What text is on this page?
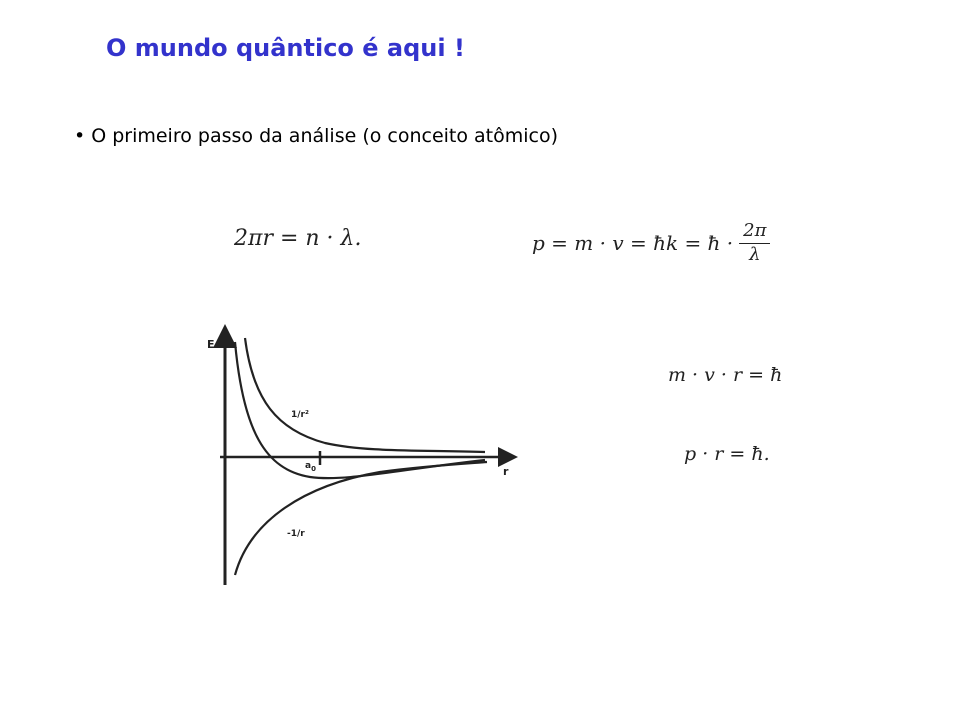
O mundo quântico é aqui !
• O primeiro passo da análise (o conceito atômico)
2πr = n · λ.	p = m · v = ħk = ħ · $\frac{2\pi}{\lambda}$
m · v · r = ħ
p · r = ħ.
E
r
1/r²
-1/r
$a_0$
